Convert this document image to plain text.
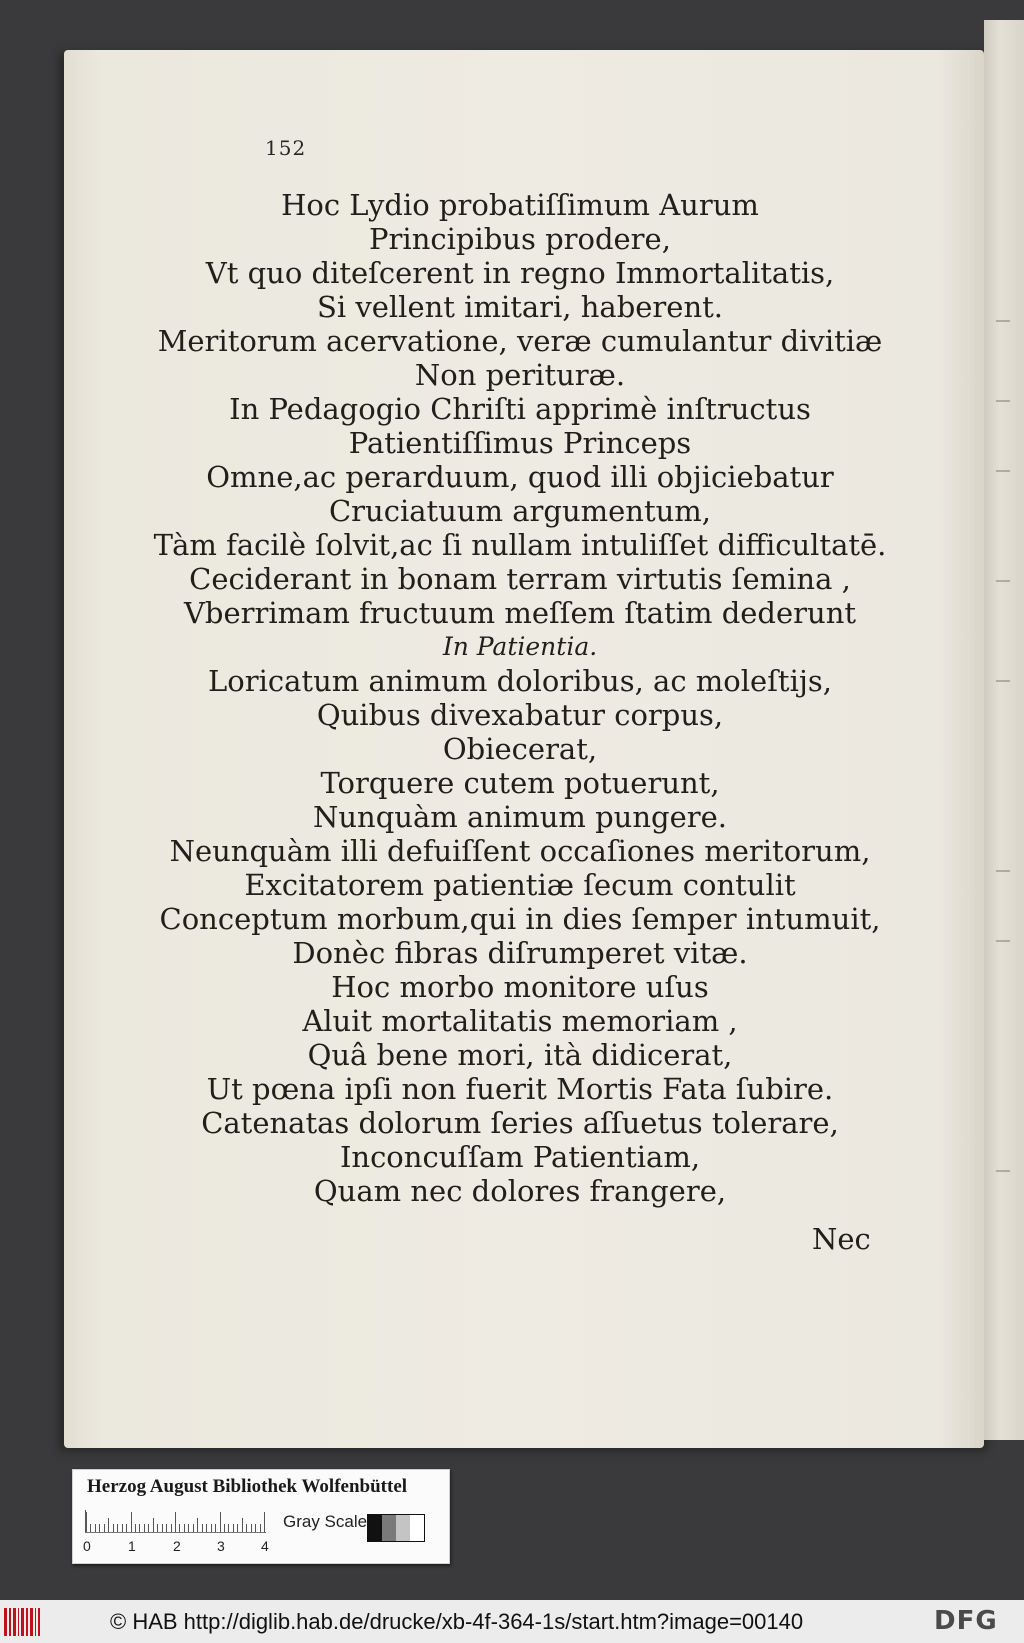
152
Hoc Lydio probatiſſimum Aurum
Principibus prodere,
Vt quo diteſcerent in regno Immortalitatis,
Si vellent imitari, haberent.
Meritorum acervatione, veræ cumulantur divitiæ
Non perituræ.
In Pedagogio Chriſti apprimè inſtructus
Patientiſſimus Princeps
Omne,ac perarduum, quod illi objiciebatur
Cruciatuum argumentum,
Tàm facilè ſolvit,ac ſi nullam intuliſſet difficultatē.
Ceciderant in bonam terram virtutis ſemina ,
Vberrimam fructuum meſſem ſtatim dederunt
In Patientia.
Loricatum animum doloribus, ac moleſtijs,
Quibus divexabatur corpus,
Obiecerat,
Torquere cutem potuerunt,
Nunquàm animum pungere.
Neunquàm illi defuiſſent occaſiones meritorum,
Excitatorem patientiæ ſecum contulit
Conceptum morbum,qui in dies ſemper intumuit,
Donèc fibras diſrumperet vitæ.
Hoc morbo monitore uſus
Aluit mortalitatis memoriam ,
Quâ bene mori, ità didicerat,
Ut pœna ipſi non fuerit Mortis Fata ſubire.
Catenatas dolorum ſeries aſſuetus tolerare,
Inconcuſſam Patientiam,
Quam nec dolores frangere,
Nec
Herzog August Bibliothek Wolfenbüttel
0	1	2	3	4
Gray Scale
© HAB http://diglib.hab.de/drucke/xb-4f-364-1s/start.htm?image=00140	DFG
